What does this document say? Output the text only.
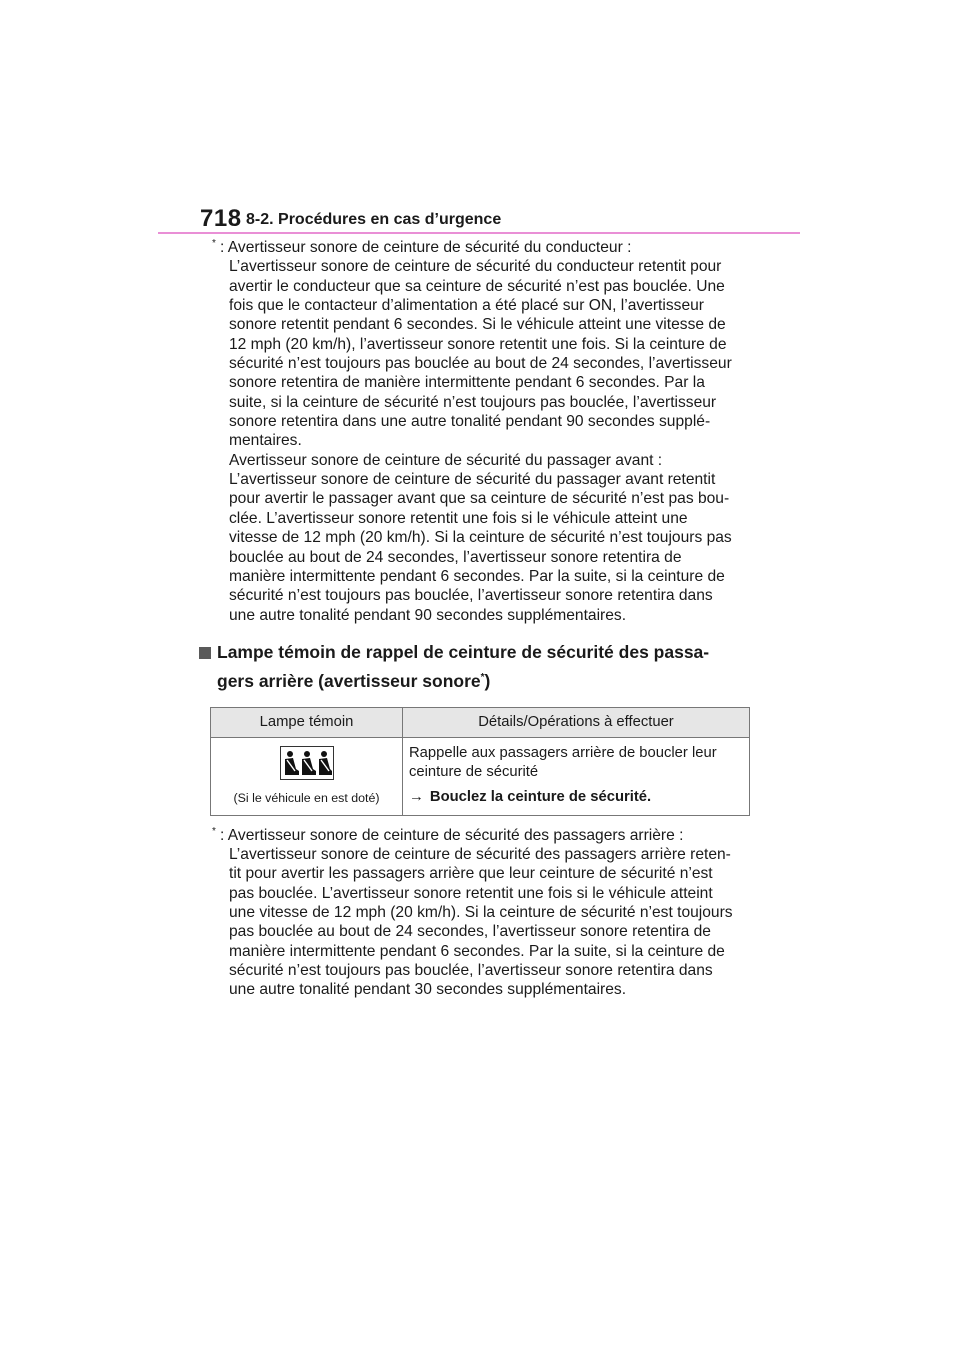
718 8-2. Procédures en cas d’urgence
* : Avertisseur sonore de ceinture de sécurité du conducteur :

L’avertisseur sonore de ceinture de sécurité du conducteur retentit pour

avertir le conducteur que sa ceinture de sécurité n’est pas bouclée. Une

fois que le contacteur d’alimentation a été placé sur ON, l’avertisseur

sonore retentit pendant 6 secondes. Si le véhicule atteint une vitesse de

12 mph (20 km/h), l’avertisseur sonore retentit une fois. Si la ceinture de

sécurité n’est toujours pas bouclée au bout de 24 secondes, l’avertisseur

sonore retentira de manière intermittente pendant 6 secondes. Par la

suite, si la ceinture de sécurité n’est toujours pas bouclée, l’avertisseur

sonore retentira dans une autre tonalité pendant 90 secondes supplé-

mentaires.

Avertisseur sonore de ceinture de sécurité du passager avant :

L’avertisseur sonore de ceinture de sécurité du passager avant retentit

pour avertir le passager avant que sa ceinture de sécurité n’est pas bou-

clée. L’avertisseur sonore retentit une fois si le véhicule atteint une

vitesse de 12 mph (20 km/h). Si la ceinture de sécurité n’est toujours pas

bouclée au bout de 24 secondes, l’avertisseur sonore retentira de

manière intermittente pendant 6 secondes. Par la suite, si la ceinture de

sécurité n’est toujours pas bouclée, l’avertisseur sonore retentira dans

une autre tonalité pendant 90 secondes supplémentaires.

Lampe témoin de rappel de ceinture de sécurité des passa-
gers arrière (avertisseur sonore*)
Lampe témoin	Détails/Opérations à effectuer

(Si le véhicule en est doté)	Rappelle aux passagers arrière de boucler leur
ceinture de sécurité
→ Bouclez la ceinture de sécurité.
* : Avertisseur sonore de ceinture de sécurité des passagers arrière :

L’avertisseur sonore de ceinture de sécurité des passagers arrière reten-

tit pour avertir les passagers arrière que leur ceinture de sécurité n’est

pas bouclée. L’avertisseur sonore retentit une fois si le véhicule atteint

une vitesse de 12 mph (20 km/h). Si la ceinture de sécurité n’est toujours

pas bouclée au bout de 24 secondes, l’avertisseur sonore retentira de

manière intermittente pendant 6 secondes. Par la suite, si la ceinture de

sécurité n’est toujours pas bouclée, l’avertisseur sonore retentira dans

une autre tonalité pendant 30 secondes supplémentaires.
